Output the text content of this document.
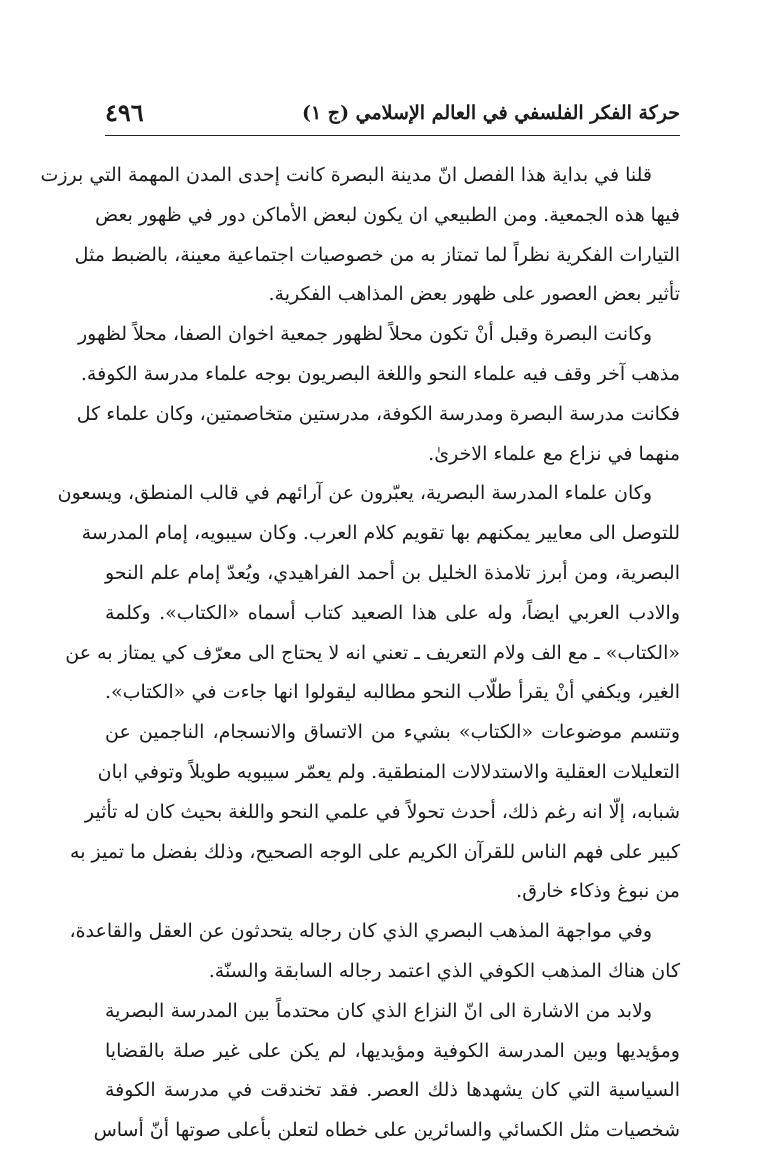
حركة الفكر الفلسفي في العالم الإسلامي (ج ١)
٤٩٦
قلنا في بداية هذا الفصل انّ مدينة البصرة كانت إحدى المدن المهمة التي برزت
فيها هذه الجمعية. ومن الطبيعي ان يكون لبعض الأماكن دور في ظهور بعض
التيارات الفكرية نظراً لما تمتاز به من خصوصيات اجتماعية معينة، بالضبط مثل
تأثير بعض العصور على ظهور بعض المذاهب الفكرية.
وكانت البصرة وقبل أنْ تكون محلاً لظهور جمعية اخوان الصفا، محلاً لظهور
مذهب آخر وقف فيه علماء النحو واللغة البصريون بوجه علماء مدرسة الكوفة.
فكانت مدرسة البصرة ومدرسة الكوفة، مدرستين متخاصمتين، وكان علماء كل
منهما في نزاع مع علماء الاخرىٰ.
وكان علماء المدرسة البصرية، يعبّرون عن آرائهم في قالب المنطق، ويسعون
للتوصل الى معايير يمكنهم بها تقويم كلام العرب. وكان سيبويه، إمام المدرسة
البصرية، ومن أبرز تلامذة الخليل بن أحمد الفراهيدي، ويُعدّ إمام علم النحو
والادب العربي ايضاً، وله على هذا الصعيد كتاب أسماه «الكتاب». وكلمة
«الكتاب» ـ مع الف ولام التعريف ـ تعني انه لا يحتاج الى معرّف كي يمتاز به عن
الغير، ويكفي أنْ يقرأ طلّاب النحو مطالبه ليقولوا انها جاءت في «الكتاب».
وتتسم موضوعات «الكتاب» بشيء من الاتساق والانسجام، الناجمين عن
التعليلات العقلية والاستدلالات المنطقية. ولم يعمّر سيبويه طويلاً وتوفي ابان
شبابه، إلّا انه رغم ذلك، أحدث تحولاً في علمي النحو واللغة بحيث كان له تأثير
كبير على فهم الناس للقرآن الكريم على الوجه الصحيح، وذلك بفضل ما تميز به
من نبوغ وذكاء خارق.
وفي مواجهة المذهب البصري الذي كان رجاله يتحدثون عن العقل والقاعدة،
كان هناك المذهب الكوفي الذي اعتمد رجاله السابقة والسنّة.
ولابد من الاشارة الى انّ النزاع الذي كان محتدماً بين المدرسة البصرية
ومؤيديها وبين المدرسة الكوفية ومؤيديها، لم يكن على غير صلة بالقضايا
السياسية التي كان يشهدها ذلك العصر. فقد تخندقت في مدرسة الكوفة
شخصيات مثل الكسائي والسائرين على خطاه لتعلن بأعلى صوتها أنّ أساس
